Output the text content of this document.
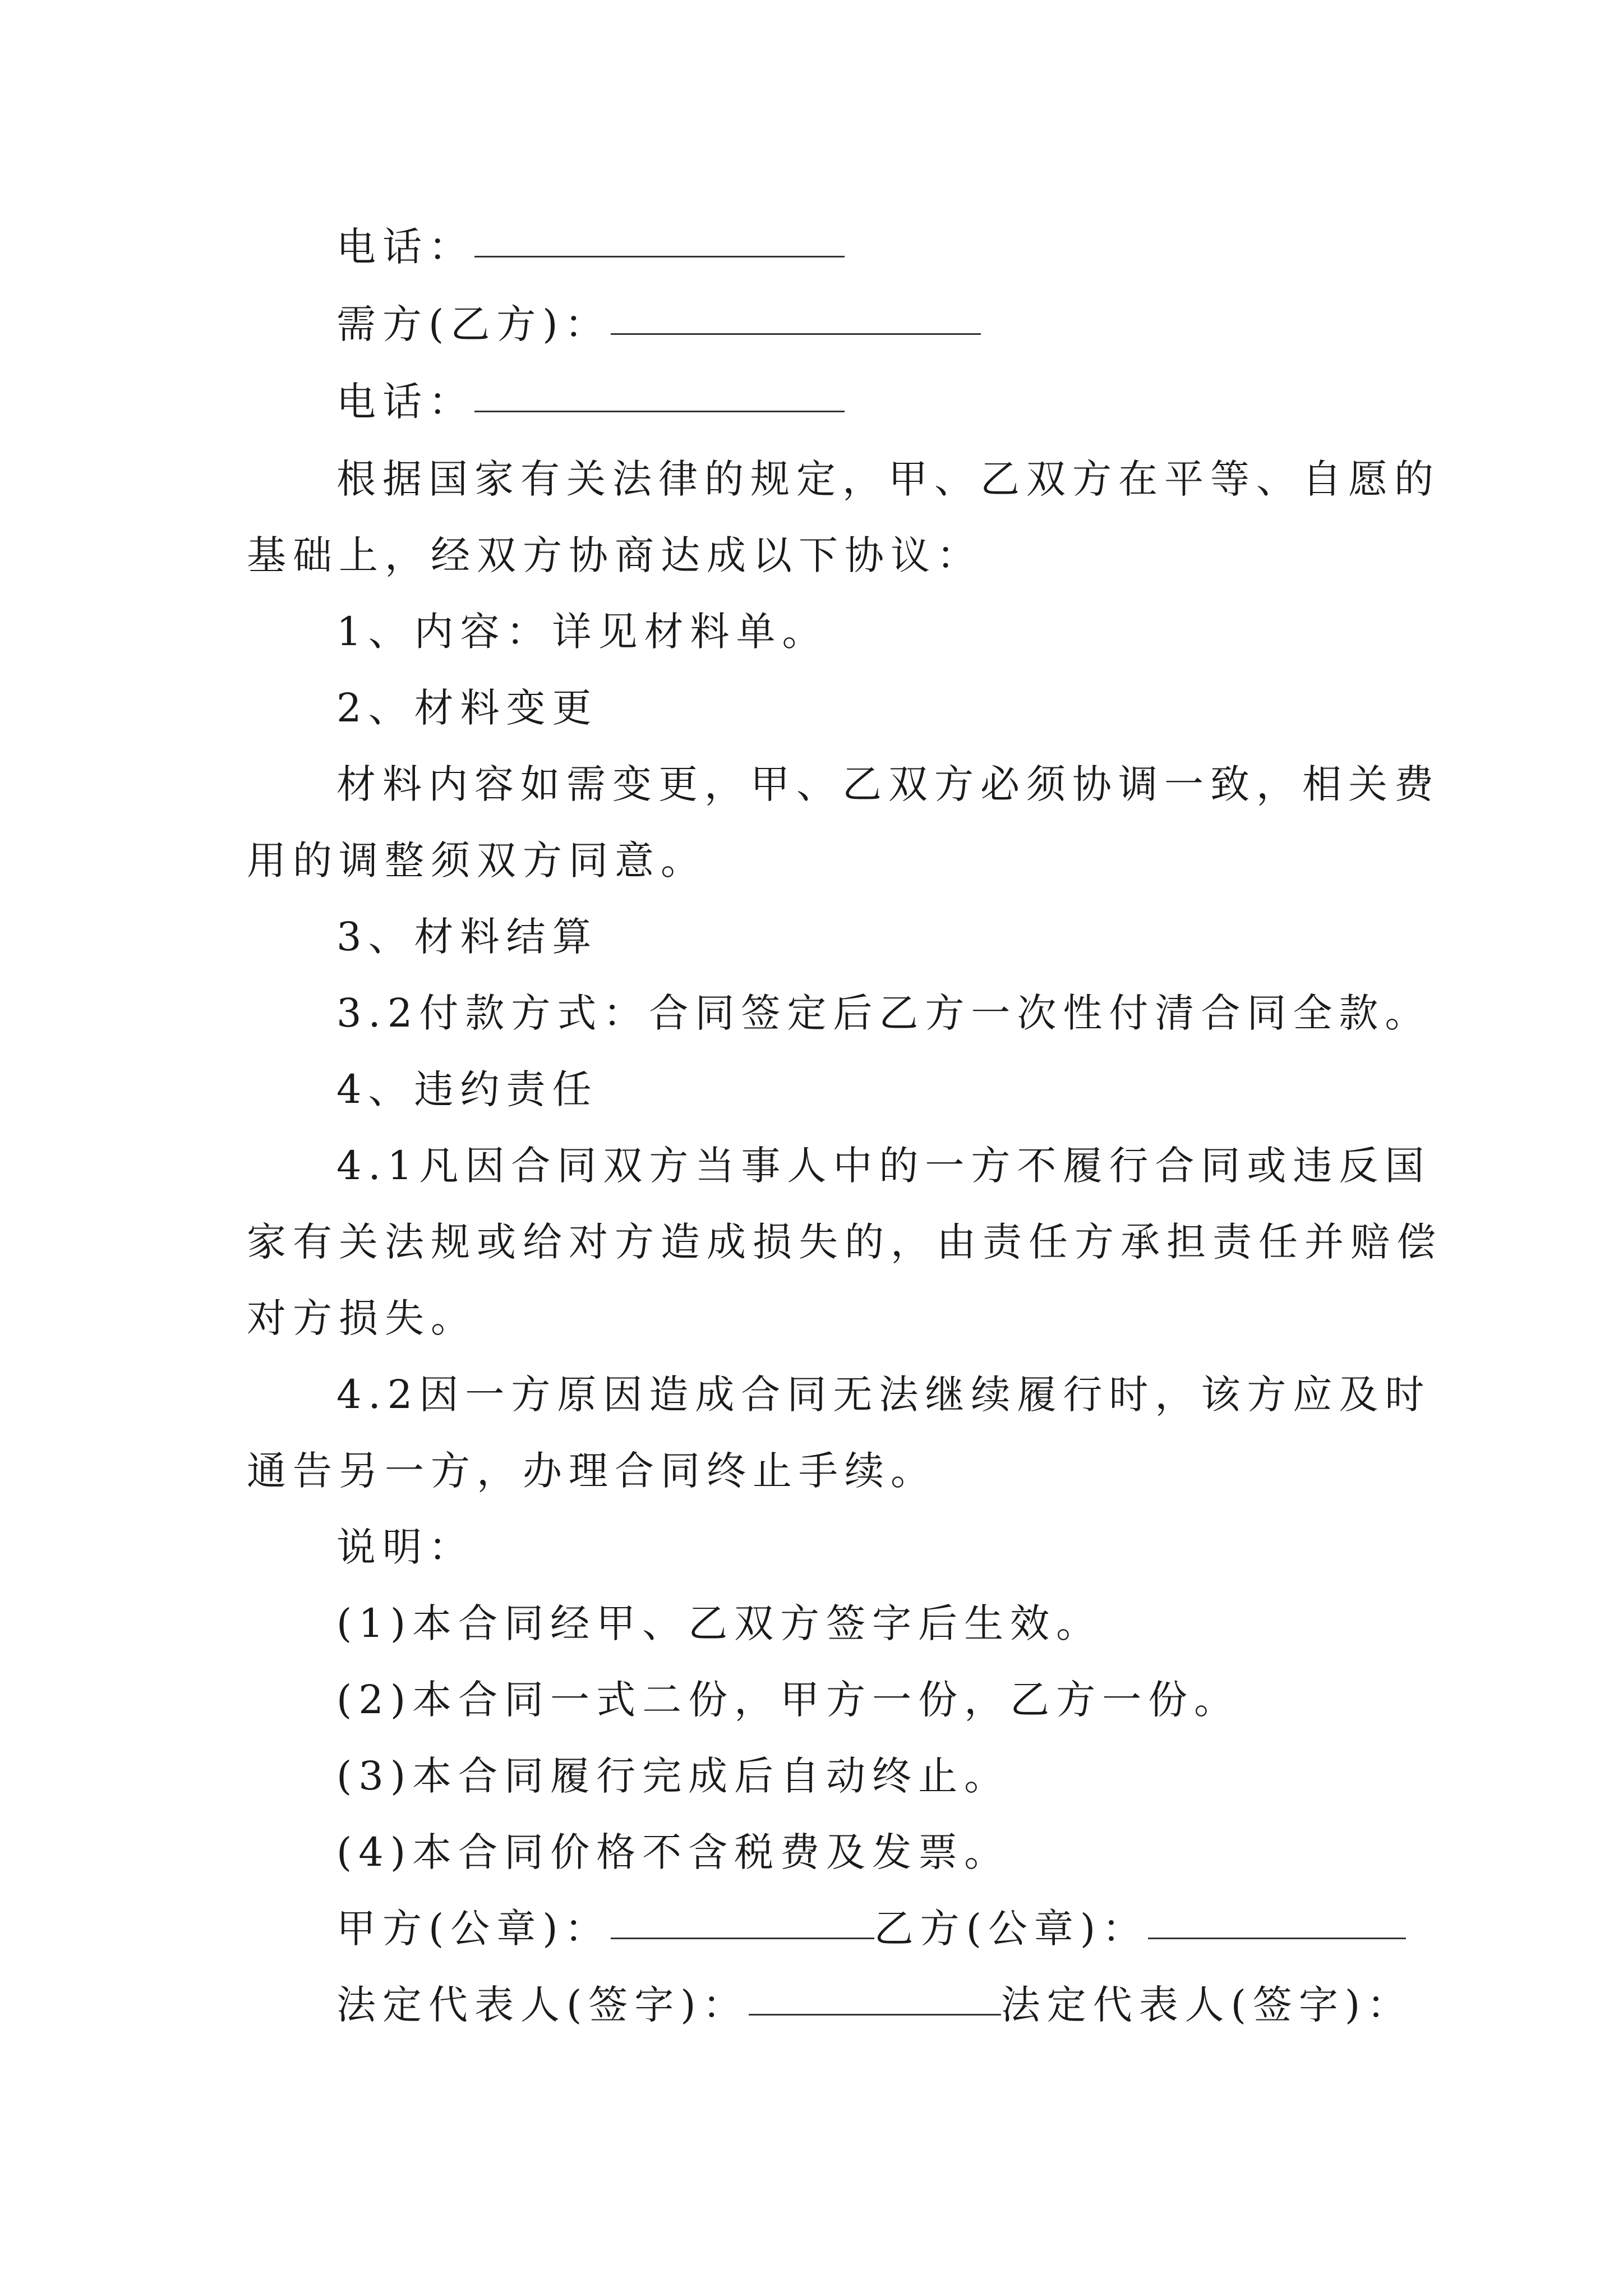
电话：
需方(乙方)：
电话：
根据国家有关法律的规定，甲、乙双方在平等、自愿的
基础上，经双方协商达成以下协议：
1、内容：详见材料单。
2、材料变更
材料内容如需变更，甲、乙双方必须协调一致，相关费
用的调整须双方同意。
3、材料结算
3.2付款方式：合同签定后乙方一次性付清合同全款。
4、违约责任
4.1凡因合同双方当事人中的一方不履行合同或违反国
家有关法规或给对方造成损失的，由责任方承担责任并赔偿
对方损失。
4.2因一方原因造成合同无法继续履行时，该方应及时
通告另一方，办理合同终止手续。
说明：
(1)本合同经甲、乙双方签字后生效。
(2)本合同一式二份，甲方一份，乙方一份。
(3)本合同履行完成后自动终止。
(4)本合同价格不含税费及发票。
甲方(公章)：	乙方(公章)：
法定代表人(签字)：	法定代表人(签字)：
